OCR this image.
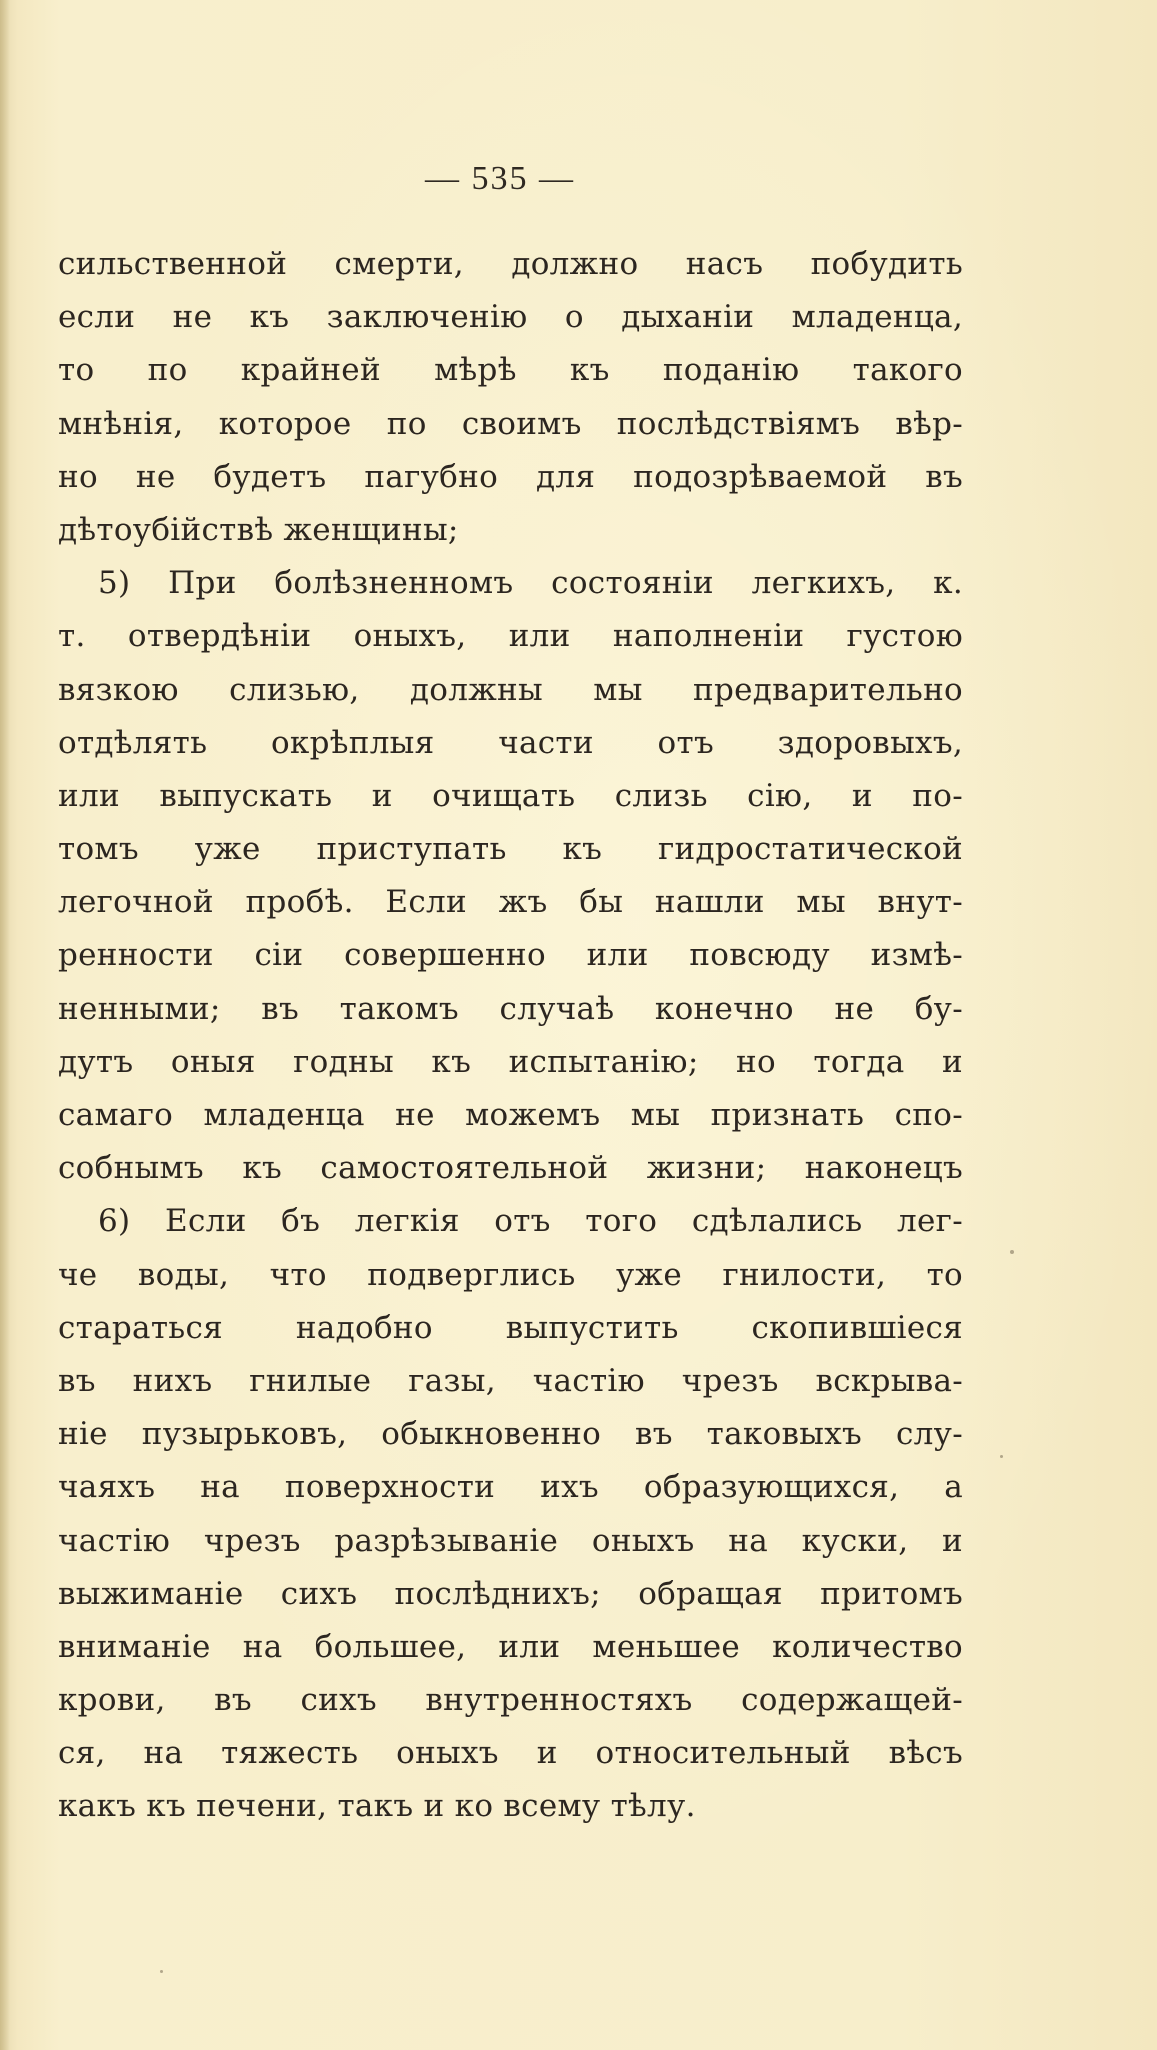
— 535 —
сильственной смерти, должно насъ побудить
если не къ заключенію о дыханіи младенца,
то по крайней мѣрѣ къ поданію такого
мнѣнія, которое по своимъ послѣдствіямъ вѣр-
но не будетъ пагубно для подозрѣваемой въ
дѣтоубійствѣ женщины;
5) При болѣзненномъ состояніи легкихъ, к.
т. отвердѣніи оныхъ, или наполненіи густою
вязкою слизью, должны мы предварительно
отдѣлять окрѣплыя части отъ здоровыхъ,
или выпускать и очищать слизь сію, и по-
томъ уже приступать къ гидростатической
легочной пробѣ. Если жъ бы нашли мы внут-
ренности сіи совершенно или повсюду измѣ-
ненными; въ такомъ случаѣ конечно не бу-
дутъ оныя годны къ испытанію; но тогда и
самаго младенца не можемъ мы признать спо-
собнымъ къ самостоятельной жизни; наконецъ
6) Если бъ легкія отъ того сдѣлались лег-
че воды, что подверглись уже гнилости, то
стараться надобно выпустить скопившіеся
въ нихъ гнилые газы, частію чрезъ вскрыва-
ніе пузырьковъ, обыкновенно въ таковыхъ слу-
чаяхъ на поверхности ихъ образующихся, а
частію чрезъ разрѣзываніе оныхъ на куски, и
выжиманіе сихъ послѣднихъ; обращая притомъ
вниманіе на большее, или меньшее количество
крови, въ сихъ внутренностяхъ содержащей-
ся, на тяжесть оныхъ и относительный вѣсъ
какъ къ печени, такъ и ко всему тѣлу.
